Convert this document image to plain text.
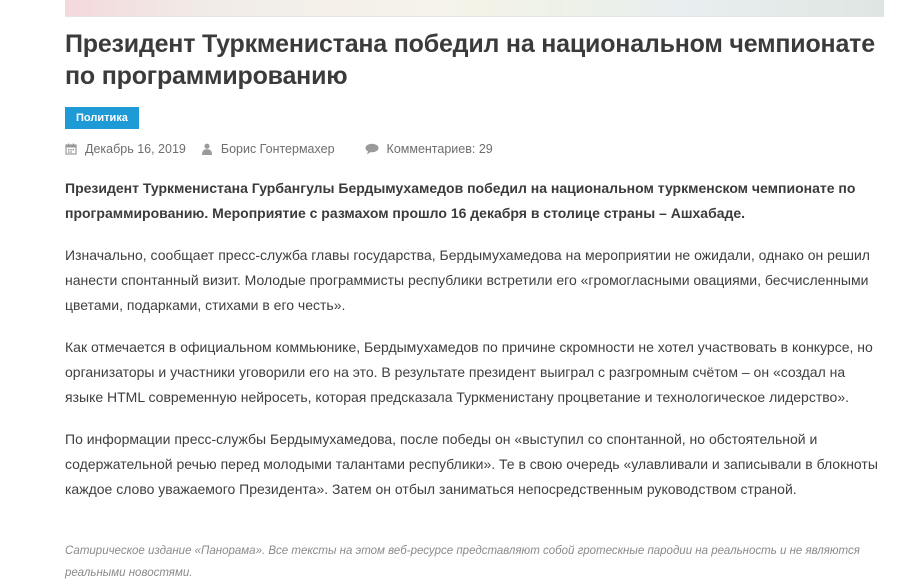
Президент Туркменистана победил на национальном чемпионате по программированию
Политика
Декабрь 16, 2019	Борис Гонтермахер	Комментариев: 29

Президент Туркменистана Гурбангулы Бердымухамедов победил на национальном туркменском чемпионате по программированию. Мероприятие с размахом прошло 16 декабря в столице страны – Ашхабаде.

Изначально, сообщает пресс-служба главы государства, Бердымухамедова на мероприятии не ожидали, однако он решил нанести спонтанный визит. Молодые программисты республики встретили его «громогласными овациями, бесчисленными цветами, подарками, стихами в его честь».

Как отмечается в официальном коммьюнике, Бердымухамедов по причине скромности не хотел участвовать в конкурсе, но организаторы и участники уговорили его на это. В результате президент выиграл с разгромным счётом – он «создал на языке HTML современную нейросеть, которая предсказала Туркменистану процветание и технологическое лидерство».

По информации пресс-службы Бердымухамедова, после победы он «выступил со спонтанной, но обстоятельной и содержательной речью перед молодыми талантами республики». Те в свою очередь «улавливали и записывали в блокноты каждое слово уважаемого Президента». Затем он отбыл заниматься непосредственным руководством страной.

Сатирическое издание «Панорама». Все тексты на этом веб-ресурсе представляют собой гротескные пародии на реальность и не являются реальными новостями.
